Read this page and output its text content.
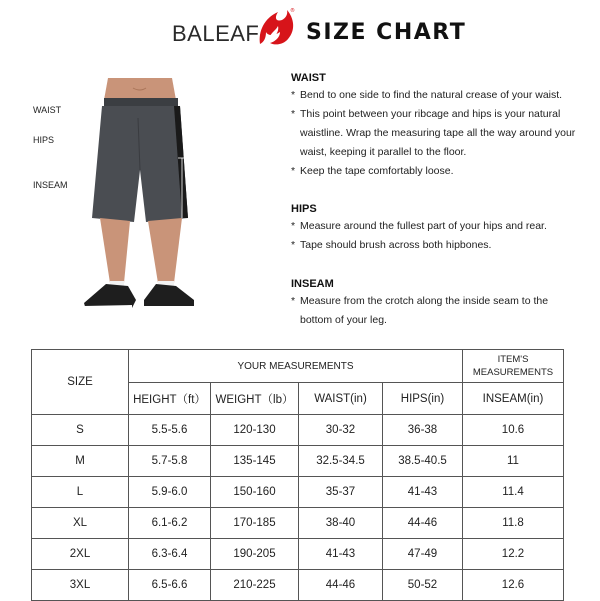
BALEAF
®
SIZE CHART
WAIST
HIPS
INSEAM
WAIST
* Bend to one side to find the natural crease of your waist.
* This point between your ribcage and hips is your natural waistline. Wrap the measuring tape all the way around your waist, keeping it parallel to the floor.
* Keep the tape comfortably loose.
HIPS
* Measure around the fullest part of your hips and rear.
* Tape should brush across both hipbones.
INSEAM
* Measure from the crotch along the inside seam to the bottom of your leg.
SIZE	YOUR MEASUREMENTS				ITEM'S MEASUREMENTS
	HEIGHT（ft）	WEIGHT（lb）	WAIST(in)	HIPS(in)	INSEAM(in)
S	5.5-5.6	120-130	30-32	36-38	10.6
M	5.7-5.8	135-145	32.5-34.5	38.5-40.5	11
L	5.9-6.0	150-160	35-37	41-43	11.4
XL	6.1-6.2	170-185	38-40	44-46	11.8
2XL	6.3-6.4	190-205	41-43	47-49	12.2
3XL	6.5-6.6	210-225	44-46	50-52	12.6
